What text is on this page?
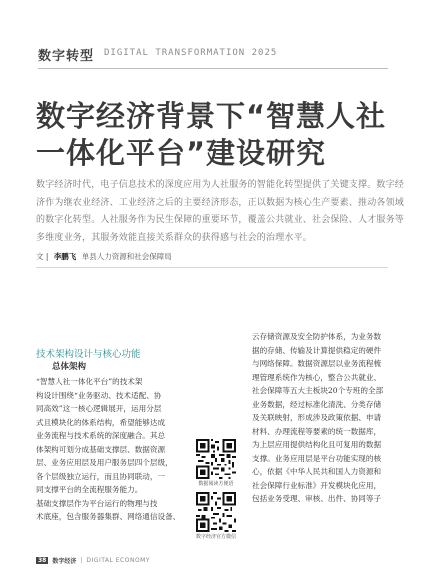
数字转型 DIGITAL TRANSFORMATION 2025
数字经济背景下“智慧人社
一体化平台”建设研究
数字经济时代，电子信息技术的深度应用为人社服务的智能化转型提供了关键支撑。数字经
济作为继农业经济、工业经济之后的主要经济形态，正以数据为核心生产要素、推动各领域
的数字化转型。人社服务作为民生保障的重要环节，覆盖公共就业、社会保险、人才服务等
多维度业务，其服务效能直接关系群众的获得感与社会的治理水平。
文 | 李鹏飞 单县人力资源和社会保障局
技术架构设计与核心功能
总体架构
“智慧人社一体化平台”的技术架
构设计围绕“业务驱动、技术适配、协
同高效”这一核心逻辑展开，运用分层
式且模块化的体系结构，希望能够达成
业务流程与技术系统的深度融合。其总
体架构可划分成基础支撑层、数据资源
层、业务应用层及用户服务层四个层级，
各个层级独立运行，而且协同联动，一
同支撑平台的全流程服务能力。
基础支撑层作为平台运行的物理与技
术底座，包含服务器集群、网络通信设备、
数据阅读方便语
数字经济官方微信
云存储资源及安全防护体系，为业务数
据的存储、传输及计算提供稳定的硬件
与网络保障。数据资源层以业务流程梳
理管理系统作为核心，整合公共就业、
社会保障等五大主板块20个专班的全部
业务数据，经过标准化清洗、分类存储
及关联映射，形成涉及政策依据、申请
材料、办理流程等要素的统一数据库，
为上层应用提供结构化且可复用的数据
支撑。业务应用层是平台功能实现的核
心，依据《中华人民共和国人力资源和
社会保障行业标准》开发模块化应用，
包括业务受理、审核、出件、协同等子
38	数字经济 | DIGITAL ECONOMY
